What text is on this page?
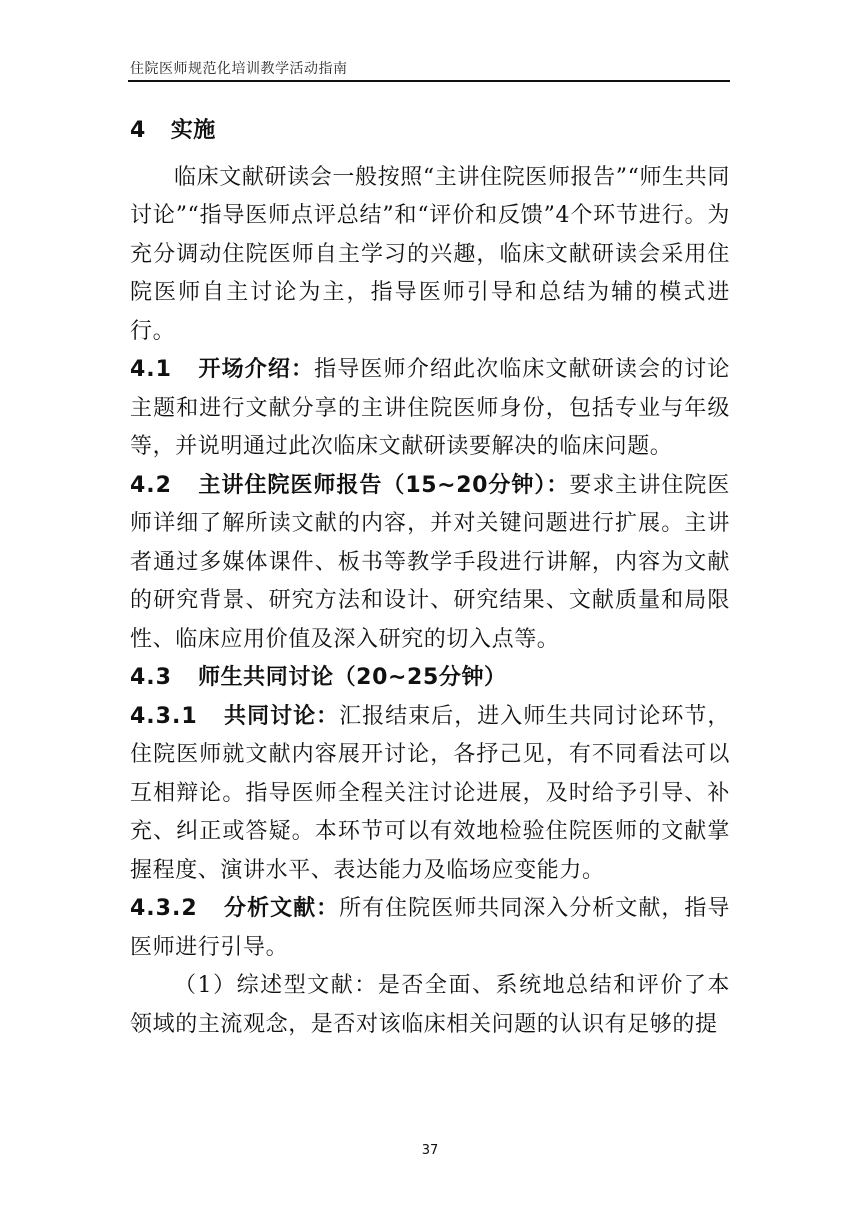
住院医师规范化培训教学活动指南

4 实施

临床文献研读会一般按照“主讲住院医师报告”“师生共同讨论”“指导医师点评总结”和“评价和反馈”4个环节进行。为充分调动住院医师自主学习的兴趣，临床文献研读会采用住院医师自主讨论为主，指导医师引导和总结为辅的模式进行。

4.1 开场介绍：指导医师介绍此次临床文献研读会的讨论主题和进行文献分享的主讲住院医师身份，包括专业与年级等，并说明通过此次临床文献研读要解决的临床问题。

4.2 主讲住院医师报告（15~20分钟）：要求主讲住院医师详细了解所读文献的内容，并对关键问题进行扩展。主讲者通过多媒体课件、板书等教学手段进行讲解，内容为文献的研究背景、研究方法和设计、研究结果、文献质量和局限性、临床应用价值及深入研究的切入点等。

4.3 师生共同讨论（20~25分钟）

4.3.1 共同讨论：汇报结束后，进入师生共同讨论环节，住院医师就文献内容展开讨论，各抒己见，有不同看法可以互相辩论。指导医师全程关注讨论进展，及时给予引导、补充、纠正或答疑。本环节可以有效地检验住院医师的文献掌握程度、演讲水平、表达能力及临场应变能力。

4.3.2 分析文献：所有住院医师共同深入分析文献，指导医师进行引导。

（1）综述型文献：是否全面、系统地总结和评价了本领域的主流观念，是否对该临床相关问题的认识有足够的提

37
